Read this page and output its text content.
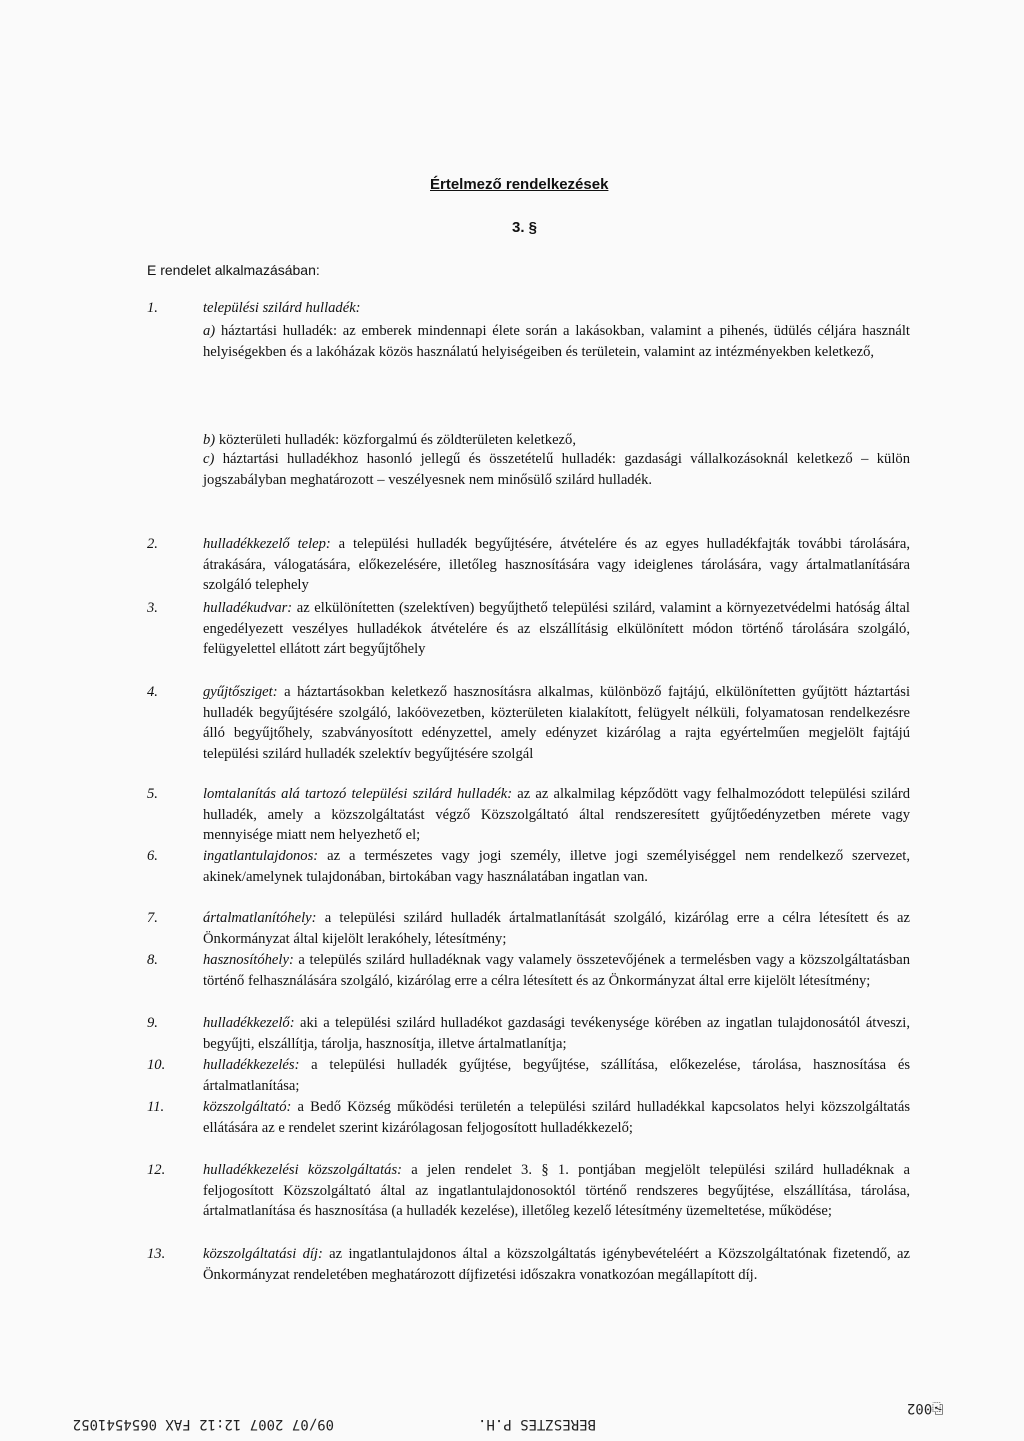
Értelmező rendelkezések
3. §
E rendelet alkalmazásában:
1.	települési szilárd hulladék:
a) háztartási hulladék: az emberek mindennapi élete során a lakásokban, valamint a pihenés, üdülés céljára használt helyiségekben és a lakóházak közös használatú helyiségeiben és területein, valamint az intézményekben keletkező,
b) közterületi hulladék: közforgalmú és zöldterületen keletkező,
c) háztartási hulladékhoz hasonló jellegű és összetételű hulladék: gazdasági vállalkozásoknál keletkező – külön jogszabályban meghatározott – veszélyesnek nem minősülő szilárd hulladék.
2.	hulladékkezelő telep: a települési hulladék begyűjtésére, átvételére és az egyes hulladékfajták további tárolására, átrakására, válogatására, előkezelésére, illetőleg hasznosítására vagy ideiglenes tárolására, vagy ártalmatlanítására szolgáló telephely
3.	hulladékudvar: az elkülönítetten (szelektíven) begyűjthető települési szilárd, valamint a környezetvédelmi hatóság által engedélyezett veszélyes hulladékok átvételére és az elszállításig elkülönített módon történő tárolására szolgáló, felügyelettel ellátott zárt begyűjtőhely
4.	gyűjtősziget: a háztartásokban keletkező hasznosításra alkalmas, különböző fajtájú, elkülönítetten gyűjtött háztartási hulladék begyűjtésére szolgáló, lakóövezetben, közterületen kialakított, felügyelt nélküli, folyamatosan rendelkezésre álló begyűjtőhely, szabványosított edényzettel, amely edényzet kizárólag a rajta egyértelműen megjelölt fajtájú települési szilárd hulladék szelektív begyűjtésére szolgál
5.	lomtalanítás alá tartozó települési szilárd hulladék: az az alkalmilag képződött vagy felhalmozódott települési szilárd hulladék, amely a közszolgáltatást végző Közszolgáltató által rendszeresített gyűjtőedényzetben mérete vagy mennyisége miatt nem helyezhető el;
6.	ingatlantulajdonos: az a természetes vagy jogi személy, illetve jogi személyiséggel nem rendelkező szervezet, akinek/amelynek tulajdonában, birtokában vagy használatában ingatlan van.
7.	ártalmatlanítóhely: a települési szilárd hulladék ártalmatlanítását szolgáló, kizárólag erre a célra létesített és az Önkormányzat által kijelölt lerakóhely, létesítmény;
8.	hasznosítóhely: a település szilárd hulladéknak vagy valamely összetevőjének a termelésben vagy a közszolgáltatásban történő felhasználására szolgáló, kizárólag erre a célra létesített és az Önkormányzat által erre kijelölt létesítmény;
9.	hulladékkezelő: aki a települési szilárd hulladékot gazdasági tevékenysége körében az ingatlan tulajdonosától átveszi, begyűjti, elszállítja, tárolja, hasznosítja, illetve ártalmatlanítja;
10.	hulladékkezelés: a települési hulladék gyűjtése, begyűjtése, szállítása, előkezelése, tárolása, hasznosítása és ártalmatlanítása;
11.	közszolgáltató: a Bedő Község működési területén a települési szilárd hulladékkal kapcsolatos helyi közszolgáltatás ellátására az e rendelet szerint kizárólagosan feljogosított hulladékkezelő;
12.	hulladékkezelési közszolgáltatás: a jelen rendelet 3. § 1. pontjában megjelölt települési szilárd hulladéknak a feljogosított Közszolgáltató által az ingatlantulajdonosoktól történő rendszeres begyűjtése, elszállítása, tárolása, ártalmatlanítása és hasznosítása (a hulladék kezelése), illetőleg kezelő létesítmény üzemeltetése, működése;
13.	közszolgáltatási díj: az ingatlantulajdonos által a közszolgáltatás igénybevételéért a Közszolgáltatónak fizetendő, az Önkormányzat rendeletében meghatározott díjfizetési időszakra vonatkozóan megállapított díj.

⎘002

BERESZTES P.H.
09/07 2007 12:12 FAX 0654541052
